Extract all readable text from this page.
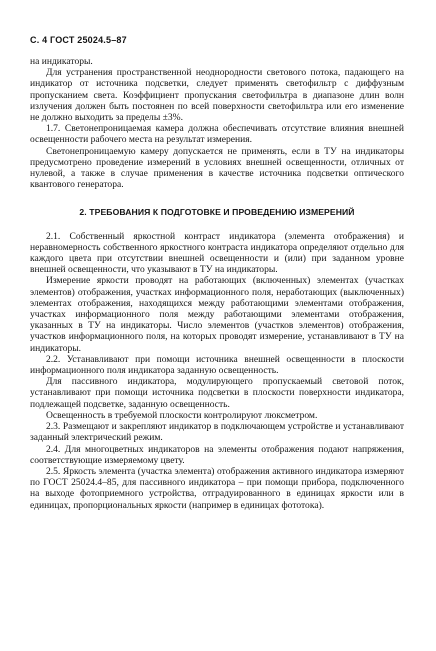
С. 4 ГОСТ 25024.5–87

на индикаторы.

Для устранения пространственной неоднородности светового потока, падающего на индикатор от источника подсветки, следует применять светофильтр с диффузным пропусканием света. Коэффициент пропускания светофильтра в диапазоне длин волн излучения должен быть постоянен по всей поверхности светофильтра или его изменение не должно выходить за пределы ±3%.

1.7. Светонепроницаемая камера должна обеспечивать отсутствие влияния внешней освещенности рабочего места на результат измерения.

Светонепроницаемую камеру допускается не применять, если в ТУ на индикаторы предусмотрено проведение измерений в условиях внешней освещенности, отличных от нулевой, а также в случае применения в качестве источника подсветки оптического квантового генератора.

2. ТРЕБОВАНИЯ К ПОДГОТОВКЕ И ПРОВЕДЕНИЮ ИЗМЕРЕНИЙ

2.1. Собственный яркостной контраст индикатора (элемента отображения) и неравномерность собственного яркостного контраста индикатора определяют отдельно для каждого цвета при отсутствии внешней освещенности и (или) при заданном уровне внешней освещенности, что указывают в ТУ на индикаторы.

Измерение яркости проводят на работающих (включенных) элементах (участках элементов) отображения, участках информационного поля, неработающих (выключенных) элементах отображения, находящихся между работающими элементами отображения, участках информационного поля между работающими элементами отображения, указанных в ТУ на индикаторы. Число элементов (участков элементов) отображения, участков информационного поля, на которых проводят измерение, устанавливают в ТУ на индикаторы.

2.2. Устанавливают при помощи источника внешней освещенности в плоскости информационного поля индикатора заданную освещенность.

Для пассивного индикатора, модулирующего пропускаемый световой поток, устанавливают при помощи источника подсветки в плоскости поверхности индикатора, подлежащей подсветке, заданную освещенность.

Освещенность в требуемой плоскости контролируют люксметром.

2.3. Размещают и закрепляют индикатор в подключающем устройстве и устанавливают заданный электрический режим.

2.4. Для многоцветных индикаторов на элементы отображения подают напряжения, соответствующие измеряемому цвету.

2.5. Яркость элемента (участка элемента) отображения активного индикатора измеряют по ГОСТ 25024.4–85, для пассивного индикатора – при помощи прибора, подключенного на выходе фотоприемного устройства, отградуированного в единицах яркости или в единицах, пропорциональных яркости (например в единицах фототока).
